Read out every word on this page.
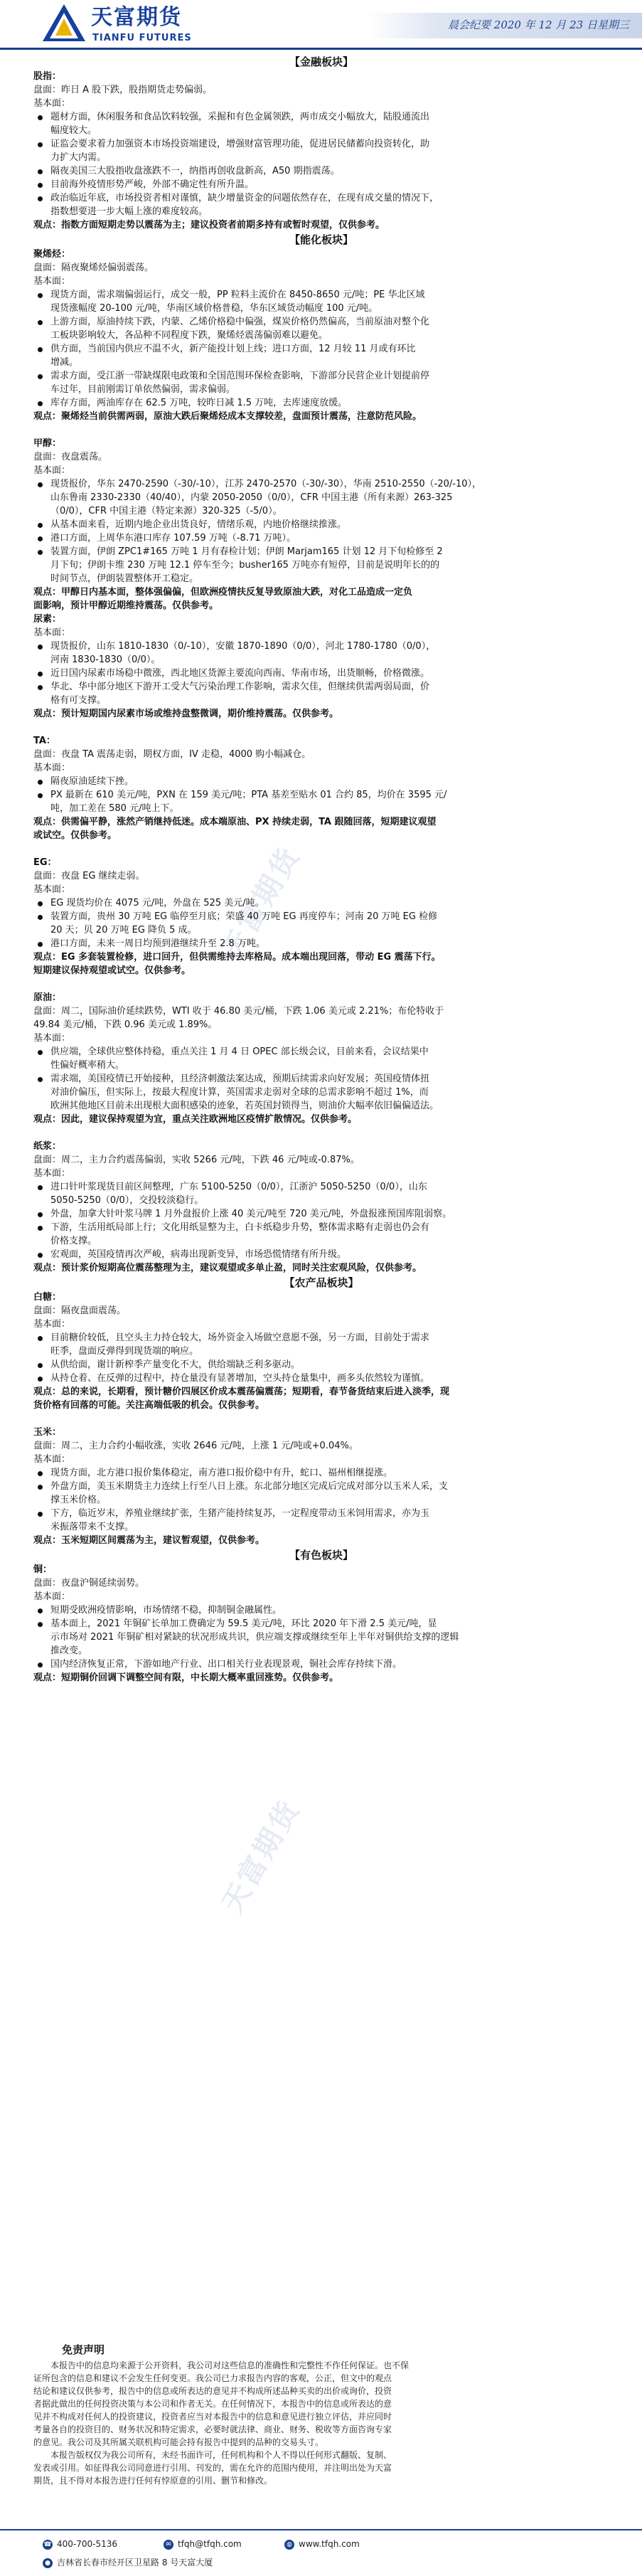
天富期货
TIANFU FUTURES
晨会纪要 2020 年 12 月 23 日星期三
天富期货
天富期货
【金融板块】
股指：
盘面：昨日 A 股下跌，股指期货走势偏弱。
基本面：
题材方面，休闲服务和食品饮料较强，采掘和有色金属领跌，两市成交小幅放大，陆股通流出
幅度较大。
证监会要求着力加强资本市场投资端建设，增强财富管理功能，促进居民储蓄向投资转化，助
力扩大内需。
隔夜美国三大股指收盘涨跌不一，纳指再创收盘新高，A50 期指震荡。
目前海外疫情形势严峻，外部不确定性有所升温。
政治临近年底，市场投资者相对谨慎，缺少增量资金的问题依然存在，在现有成交量的情况下，
指数想要进一步大幅上涨的难度较高。
观点：指数方面短期走势以震荡为主；建议投资者前期多持有或暂时观望，仅供参考。
【能化板块】
聚烯烃：
盘面：隔夜聚烯烃偏弱震荡。
基本面：
现货方面，需求端偏弱运行，成交一般，PP 粒料主流价在 8450-8650 元/吨；PE 华北区域
现货涨幅度 20-100 元/吨，华南区域价格普稳，华东区域货动幅度 100 元/吨。
上游方面，原油持续下跌，内蒙、乙烯价格稳中偏强，煤炭价格仍然偏高，当前原油对整个化
工板块影响较大，各品种不同程度下跌，聚烯烃震荡偏弱难以避免。
供方面，当前国内供应不温不火，新产能投计划上线；进口方面，12 月较 11 月或有环比
增减。
需求方面，受江浙一带缺煤限电政策和全国范围环保检查影响，下游部分民营企业计划提前停
车过年，目前刚需订单依然偏弱，需求偏弱。
库存方面，两油库存在 62.5 万吨，较昨日减 1.5 万吨，去库速度放缓。
观点：聚烯烃当前供需两弱，原油大跌后聚烯烃成本支撑较差，盘面预计震荡，注意防范风险。
甲醇：
盘面：夜盘震荡。
基本面：
现货报价，华东 2470-2590（-30/-10），江苏 2470-2570（-30/-30），华南 2510-2550（-20/-10），
山东鲁南 2330-2330（40/40），内蒙 2050-2050（0/0），CFR 中国主港（所有来源）263-325
（0/0），CFR 中国主港（特定来源）320-325（-5/0）。
从基本面来看，近期内地企业出货良好，情绪乐观，内地价格继续推涨。
港口方面，上周华东港口库存 107.59 万吨（-8.71 万吨）。
装置方面，伊朗 ZPC1#165 万吨 1 月有春检计划；伊朗 Marjam165 计划 12 月下旬检修至 2
月下旬；伊朗卡维 230 万吨 12.1 停车至今；busher165 万吨亦有短停，目前是说明年长的的
时间节点，伊朗装置整体开工稳定。
观点：甲醇日内基本面，整体强偏偏，但欧洲疫情扶反复导致原油大跌，对化工品造成一定负
面影响，预计甲醇近期维持震荡。仅供参考。
尿素：
基本面：
现货报价，山东 1810-1830（0/-10），安徽 1870-1890（0/0），河北 1780-1780（0/0），
河南 1830-1830（0/0）。
近日国内尿素市场稳中微涨，西北地区货源主要流向西南、华南市场，出货顺畅，价格微涨。
华北、华中部分地区下游开工受大气污染治理工作影响，需求欠佳，但继续供需两弱局面，价
格有可支撑。
观点：预计短期国内尿素市场或维持盘整微调，期价维持震荡。仅供参考。
TA：
盘面：夜盘 TA 震荡走弱，期权方面，IV 走稳，4000 购小幅减仓。
基本面：
隔夜原油延续下挫。
PX 最新在 610 美元/吨，PXN 在 159 美元/吨；PTA 基差至贴水 01 合约 85，均价在 3595 元/
吨，加工差在 580 元/吨上下。
观点：供需偏平静，涨然产销继持低迷。成本端原油、PX 持续走弱，TA 跟随回落，短期建议观望
或试空。仅供参考。
EG：
盘面：夜盘 EG 继续走弱。
基本面：
EG 现货均价在 4075 元/吨，外盘在 525 美元/吨。
装置方面，贵州 30 万吨 EG 临停至月底；荣盛 40 万吨 EG 再度停车；河南 20 万吨 EG 检修
20 天；贝 20 万吨 EG 降负 5 成。
港口方面，未来一周日均预到港继续升至 2.8 万吨。
观点：EG 多套装置检修，进口回升，但供需维持去库格局。成本端出现回落，带动 EG 震荡下行。
短期建议保持观望或试空。仅供参考。
原油：
盘面：周二，国际油价延续跌势，WTI 收于 46.80 美元/桶，下跌 1.06 美元或 2.21%；布伦特收于
49.84 美元/桶，下跌 0.96 美元或 1.89%。
基本面：
供应端，全球供应整体持稳，重点关注 1 月 4 日 OPEC 部长级会议，目前来看，会议结果中
性偏好概率稍大。
需求端，美国疫情已开始接种，且经济刺激法案达成，预期后续需求向好发展；英国疫情体扭
对油价偏压，但实际上，按最大程度计算，英国需求走弱对全球的总需求影响不超过 1%，而
欧洲其他地区目前未出现根大面积感染的迹象，若英国封锁得当，则油价大幅率依旧偏偏适法。
观点：因此，建议保持观望为宜，重点关注欧洲地区疫情扩散情况。仅供参考。
纸浆：
盘面：周二，主力合约震荡偏弱，实收 5266 元/吨，下跌 46 元/吨或-0.87%。
基本面：
进口针叶浆现货目前区间整理，广东 5100-5250（0/0），江浙沪 5050-5250（0/0），山东
5050-5250（0/0），交投较淡稳行。
外盘，加拿大针叶浆马牌 1 月外盘报价上涨 40 美元/吨至 720 美元/吨，外盘报涨预国库阻弱察。
下游，生活用纸局部上行；文化用纸显整为主，白卡纸稳步升势，整体需求略有走弱也仍会有
价格支撑。
宏观面，英国疫情再次严峻，病毒出现新变异，市场恐慌情绪有所升级。
观点：预计浆价短期高位震荡整理为主，建议观望或多单止盈，同时关注宏观风险，仅供参考。
【农产品板块】
白糖：
盘面：隔夜盘面震荡。
基本面：
目前糖价较低，且空头主力持仓较大，场外资金入场做空意愿不强，另一方面，目前处于需求
旺季，盘面反弹得到现货端的响应。
从供给面，谢计新榨季产量变化不大，供给端缺乏利多驱动。
从持仓着、在反弹的过程中，持仓量没有显著增加，空头持仓量集中，画多头依然较为谨慎。
观点：总的来说，长期看，预计糖价四展区价成本震荡偏震荡；短期看，春节备货结束后进入淡季，现
货价格有回落的可能。关注高端低吸的机会。仅供参考。
玉米：
盘面：周二，主力合约小幅收涨，实收 2646 元/吨，上涨 1 元/吨或+0.04%。
基本面：
现货方面，北方港口报价集体稳定，南方港口报价稳中有升，蛇口、福州相继提涨。
外盘方面，美玉米期货主力连续上行至八日上涨。东北部分地区完成后完成对部分以玉米人采，支
撑玉米价格。
下方，临近岁末，养殖业继续扩张，生猪产能持续复苏，一定程度带动玉米饲用需求，亦为玉
米振落带来不支撑。
观点：玉米短期区间震荡为主，建议暂观望，仅供参考。
【有色板块】
铜：
盘面：夜盘沪铜延续弱势。
基本面：
短期受欧洲疫情影响，市场情绪不稳，抑制铜金融属性。
基本面上，2021 年铜矿长单加工费确定为 59.5 美元/吨，环比 2020 年下滑 2.5 美元/吨，显
示市场对 2021 年铜矿相对紧缺的状况形成共识，供应端支撑或继续至年上半年对铜供给支撑的逻辑
推改变。
国内经济恢复正常，下游如地产行业、出口相关行业表现景观，铜社会库存持续下滑。
观点：短期铜价回调下调整空间有限，中长期大概率重回涨势。仅供参考。
免责声明
　　本报告中的信息均来源于公开资料，我公司对这些信息的准确性和完整性不作任何保证。也不保
证所包含的信息和建议不会发生任何变更。我公司已力求报告内容的客观，公正，但文中的观点
结论和建议仅供参考，报告中的信息或所表达的意见并不构成所述品种买卖的出价或询价，投资
者据此做出的任何投资决策与本公司和作者无关。在任何情况下，本报告中的信息或所表达的意
见并不构成对任何人的投资建议，投资者应当对本报告中的信息和意见进行独立评估，并应同时
考量各自的投资目的、财务状况和特定需求，必要时就法律、商业、财务、税收等方面咨询专家
的意见。我公司及其所属关联机构可能会持有报告中提到的品种的交易头寸。
　　本报告版权仅为我公司所有，未经书面许可，任何机构和个人不得以任何形式翻版、复制、
发表或引用。如征得我公司同意进行引用、刊发的，需在允许的范围内使用，并注明出处为天富
期货，且不得对本报告进行任何有悖原意的引用、删节和修改。
☎ 400-700-5136	✉ tfqh@tfqh.com	◍ www.tfqh.com
● 吉林省长春市经开区卫星路 8 号天富大厦
